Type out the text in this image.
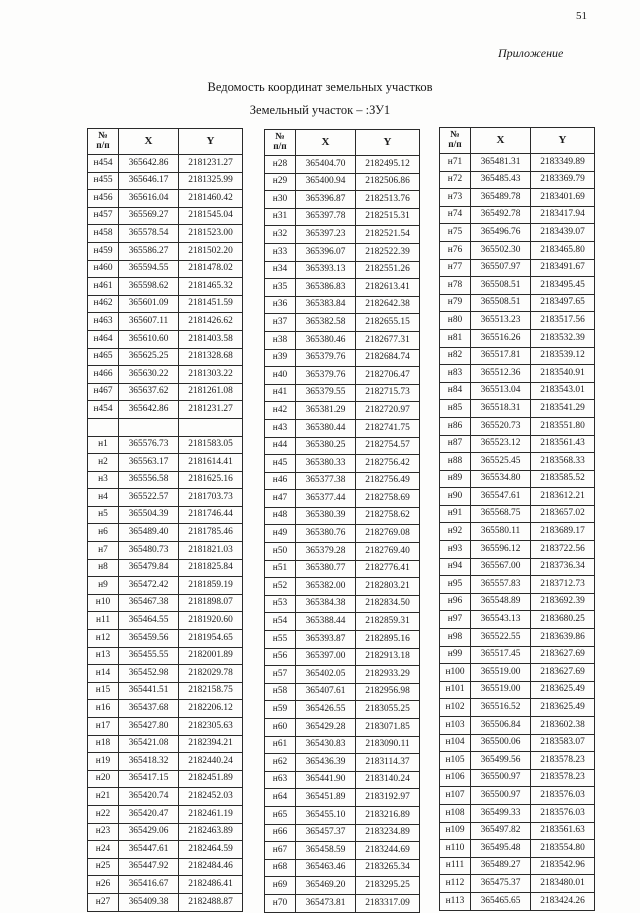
51
Приложение
Ведомость координат земельных участков
Земельный участок – :ЗУ1
№
п/п	X	Y
н454	365642.86	2181231.27
н455	365646.17	2181325.99
н456	365616.04	2181460.42
н457	365569.27	2181545.04
н458	365578.54	2181523.00
н459	365586.27	2181502.20
н460	365594.55	2181478.02
н461	365598.62	2181465.32
н462	365601.09	2181451.59
н463	365607.11	2181426.62
н464	365610.60	2181403.58
н465	365625.25	2181328.68
н466	365630.22	2181303.22
н467	365637.62	2181261.08
н454	365642.86	2181231.27

н1	365576.73	2181583.05
н2	365563.17	2181614.41
н3	365556.58	2181625.16
н4	365522.57	2181703.73
н5	365504.39	2181746.44
н6	365489.40	2181785.46
н7	365480.73	2181821.03
н8	365479.84	2181825.84
н9	365472.42	2181859.19
н10	365467.38	2181898.07
н11	365464.55	2181920.60
н12	365459.56	2181954.65
н13	365455.55	2182001.89
н14	365452.98	2182029.78
н15	365441.51	2182158.75
н16	365437.68	2182206.12
н17	365427.80	2182305.63
н18	365421.08	2182394.21
н19	365418.32	2182440.24
н20	365417.15	2182451.89
н21	365420.74	2182452.03
н22	365420.47	2182461.19
н23	365429.06	2182463.89
н24	365447.61	2182464.59
н25	365447.92	2182484.46
н26	365416.67	2182486.41
н27	365409.38	2182488.87
№
п/п	X	Y
н28	365404.70	2182495.12
н29	365400.94	2182506.86
н30	365396.87	2182513.76
н31	365397.78	2182515.31
н32	365397.23	2182521.54
н33	365396.07	2182522.39
н34	365393.13	2182551.26
н35	365386.83	2182613.41
н36	365383.84	2182642.38
н37	365382.58	2182655.15
н38	365380.46	2182677.31
н39	365379.76	2182684.74
н40	365379.76	2182706.47
н41	365379.55	2182715.73
н42	365381.29	2182720.97
н43	365380.44	2182741.75
н44	365380.25	2182754.57
н45	365380.33	2182756.42
н46	365377.38	2182756.49
н47	365377.44	2182758.69
н48	365380.39	2182758.62
н49	365380.76	2182769.08
н50	365379.28	2182769.40
н51	365380.77	2182776.41
н52	365382.00	2182803.21
н53	365384.38	2182834.50
н54	365388.44	2182859.31
н55	365393.87	2182895.16
н56	365397.00	2182913.18
н57	365402.05	2182933.29
н58	365407.61	2182956.98
н59	365426.55	2183055.25
н60	365429.28	2183071.85
н61	365430.83	2183090.11
н62	365436.39	2183114.37
н63	365441.90	2183140.24
н64	365451.89	2183192.97
н65	365455.10	2183216.89
н66	365457.37	2183234.89
н67	365458.59	2183244.69
н68	365463.46	2183265.34
н69	365469.20	2183295.25
н70	365473.81	2183317.09
№
п/п	X	Y
н71	365481.31	2183349.89
н72	365485.43	2183369.79
н73	365489.78	2183401.69
н74	365492.78	2183417.94
н75	365496.76	2183439.07
н76	365502.30	2183465.80
н77	365507.97	2183491.67
н78	365508.51	2183495.45
н79	365508.51	2183497.65
н80	365513.23	2183517.56
н81	365516.26	2183532.39
н82	365517.81	2183539.12
н83	365512.36	2183540.91
н84	365513.04	2183543.01
н85	365518.31	2183541.29
н86	365520.73	2183551.80
н87	365523.12	2183561.43
н88	365525.45	2183568.33
н89	365534.80	2183585.52
н90	365547.61	2183612.21
н91	365568.75	2183657.02
н92	365580.11	2183689.17
н93	365596.12	2183722.56
н94	365567.00	2183736.34
н95	365557.83	2183712.73
н96	365548.89	2183692.39
н97	365543.13	2183680.25
н98	365522.55	2183639.86
н99	365517.45	2183627.69
н100	365519.00	2183627.69
н101	365519.00	2183625.49
н102	365516.52	2183625.49
н103	365506.84	2183602.38
н104	365500.06	2183583.07
н105	365499.56	2183578.23
н106	365500.97	2183578.23
н107	365500.97	2183576.03
н108	365499.33	2183576.03
н109	365497.82	2183561.63
н110	365495.48	2183554.80
н111	365489.27	2183542.96
н112	365475.37	2183480.01
н113	365465.65	2183424.26
